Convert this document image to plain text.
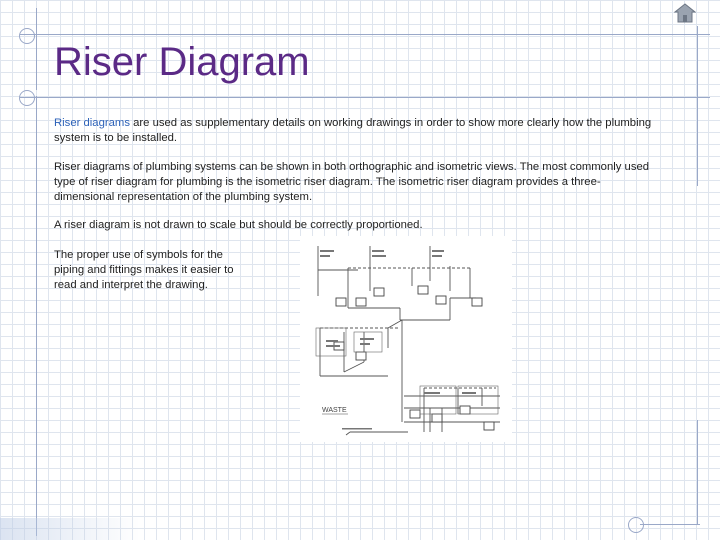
Riser Diagram

Riser diagrams are used as supplementary details on working drawings in order to show more clearly how the plumbing system is to be installed.

Riser diagrams of plumbing systems can be shown in both orthographic and isometric views. The most commonly used type of riser diagram for plumbing is the isometric riser diagram. The isometric riser diagram provides a three-dimensional representation of the plumbing system.

A riser diagram is not drawn to scale but should be correctly proportioned.

The proper use of symbols for the piping and fittings makes it easier to read and interpret the drawing.

WASTE
